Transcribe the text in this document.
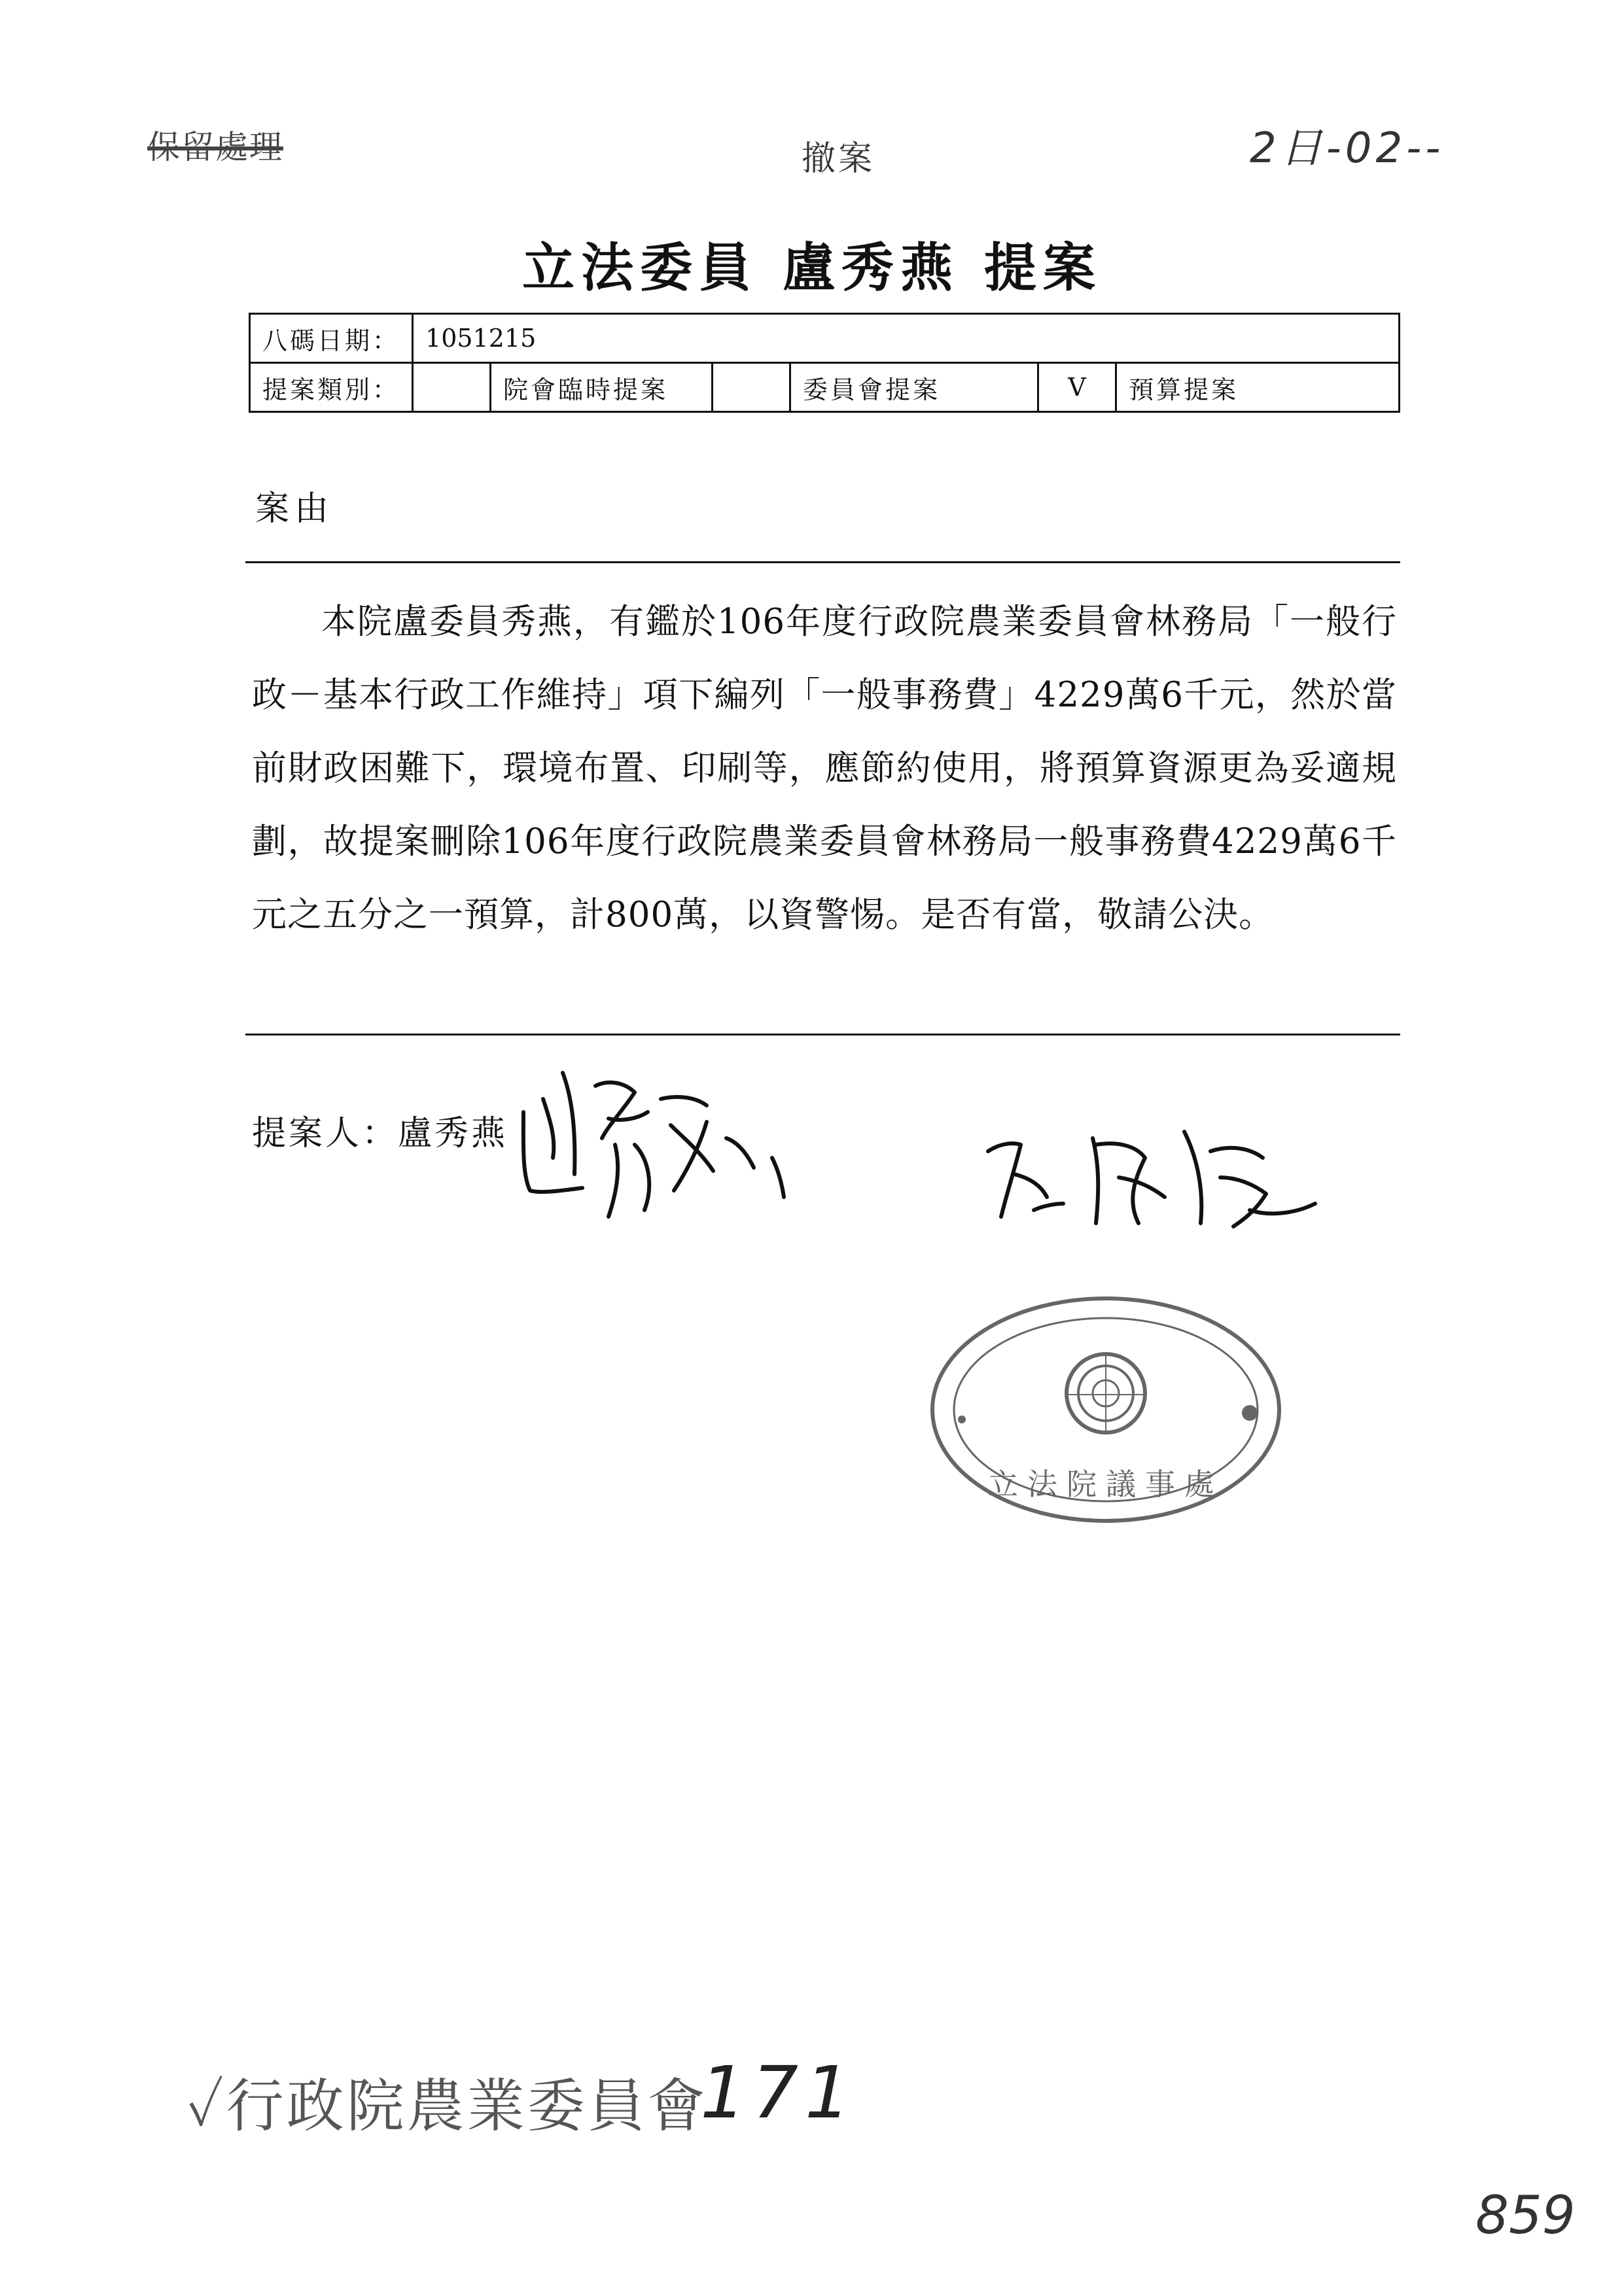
保留處理	撤案	2日-02--
立法委員 盧秀燕 提案
八碼日期：	1051215					
提案類別：		院會臨時提案		委員會提案	V	預算提案
案由

本院盧委員秀燕，有鑑於106年度行政院農業委員會林務局「一般行政－基本行政工作維持」項下編列「一般事務費」4229萬6千元，然於當前財政困難下，環境布置、印刷等，應節約使用，將預算資源更為妥適規劃，故提案刪除106年度行政院農業委員會林務局一般事務費4229萬6千元之五分之一預算，計800萬，以資警惕。是否有當，敬請公決。

提案人：
盧秀燕
立法院議事處
✓行政院農業委員會
171
859
